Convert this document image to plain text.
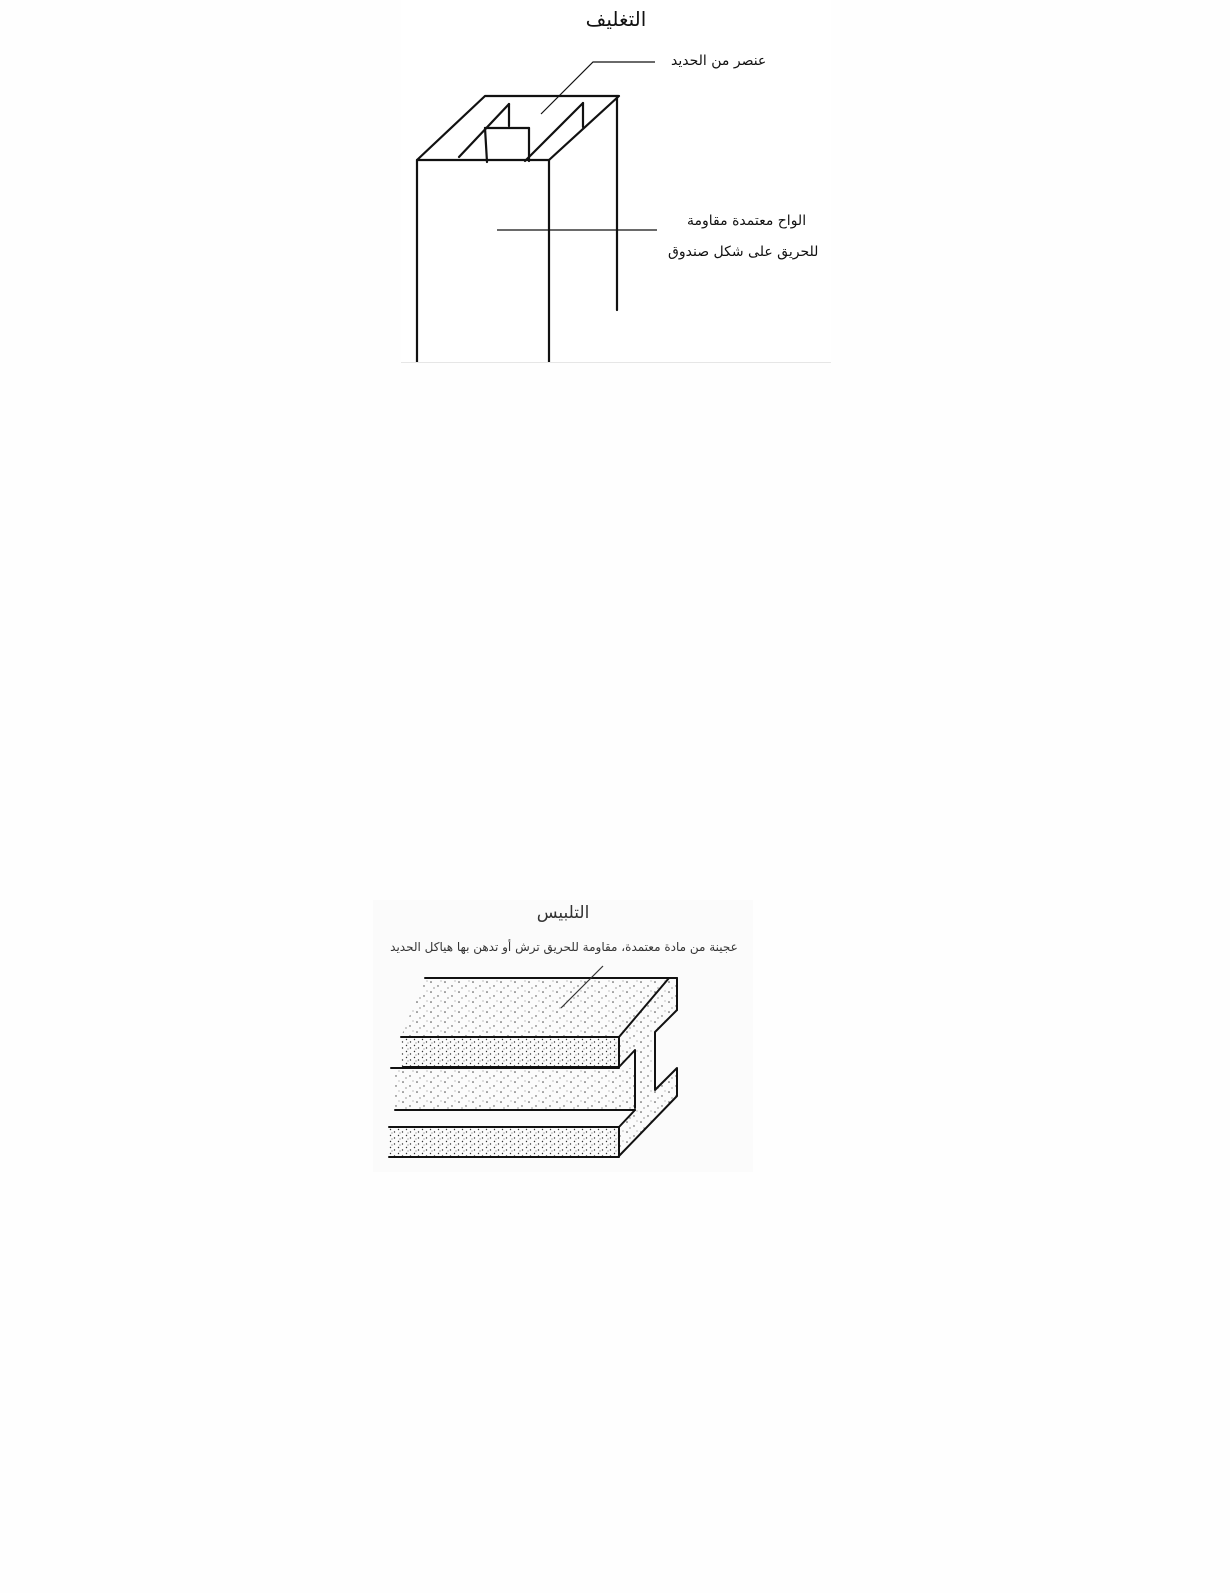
التغليف
عنصر من الحديد
الواح معتمدة مقاومة
للحريق على شكل صندوق
التلبيس
عجينة من مادة معتمدة، مقاومة للحريق ترش أو تدهن بها هياكل الحديد
